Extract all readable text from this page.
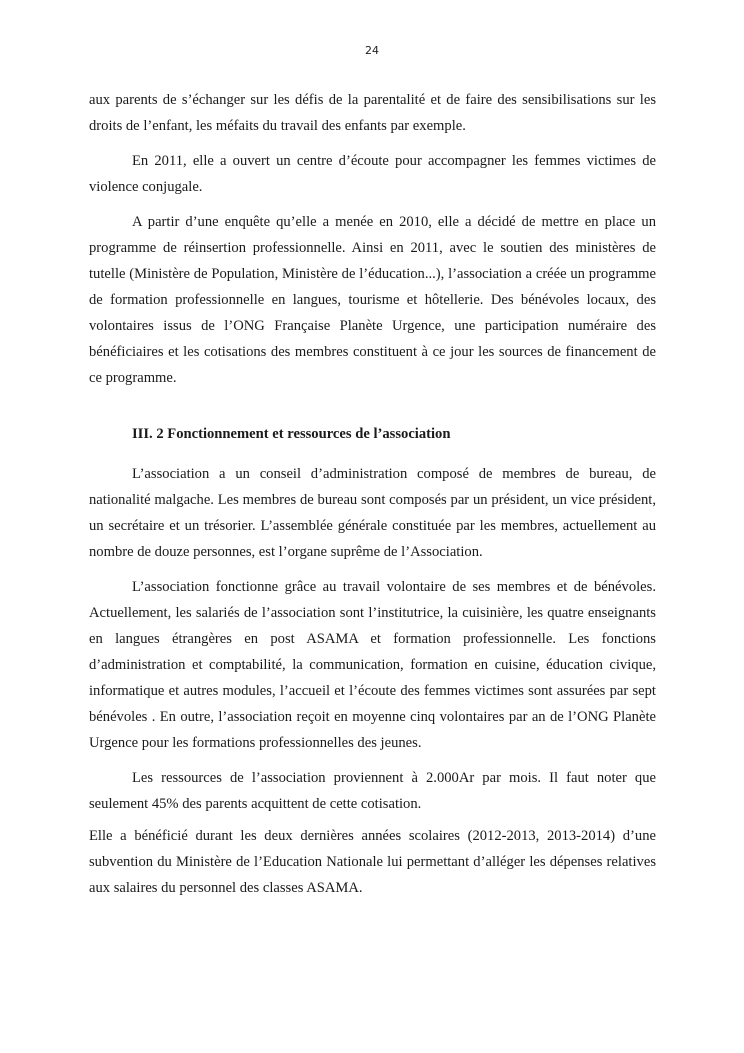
24

aux parents de s’échanger sur les défis de la parentalité et de faire des sensibilisations sur les droits de l’enfant, les méfaits du travail des enfants par exemple.

En 2011, elle a ouvert un centre d’écoute pour accompagner les femmes victimes de violence conjugale.

A partir d’une enquête qu’elle a menée en 2010, elle a décidé de mettre en place un programme de réinsertion professionnelle. Ainsi en 2011, avec le soutien des ministères de tutelle (Ministère de Population, Ministère de l’éducation...), l’association a créée un programme de formation professionnelle en langues, tourisme et hôtellerie. Des bénévoles locaux, des volontaires issus de l’ONG Française Planète Urgence, une participation numéraire des bénéficiaires et les cotisations des membres constituent à ce jour les sources de financement de ce programme.

III. 2 Fonctionnement et ressources de l’association

L’association a un conseil d’administration composé de membres de bureau, de nationalité malgache. Les membres de bureau sont composés par un président, un vice président, un secrétaire et un trésorier. L’assemblée générale constituée par les membres, actuellement au nombre de douze personnes, est l’organe suprême de l’Association.

L’association fonctionne grâce au travail volontaire de ses membres et de bénévoles. Actuellement, les salariés de l’association sont l’institutrice, la cuisinière, les quatre enseignants en langues étrangères en post ASAMA et formation professionnelle. Les fonctions d’administration et comptabilité, la communication, formation en cuisine, éducation civique, informatique et autres modules, l’accueil et l’écoute des femmes victimes sont assurées par sept bénévoles . En outre, l’association reçoit en moyenne cinq volontaires par an de l’ONG Planète Urgence pour les formations professionnelles des jeunes.

Les ressources de l’association proviennent à 2.000Ar par mois. Il faut noter que seulement 45% des parents acquittent de cette cotisation.

Elle a bénéficié durant les deux dernières années scolaires (2012-2013, 2013-2014) d’une subvention du Ministère de l’Education Nationale lui permettant d’alléger les dépenses relatives aux salaires du personnel des classes ASAMA.
